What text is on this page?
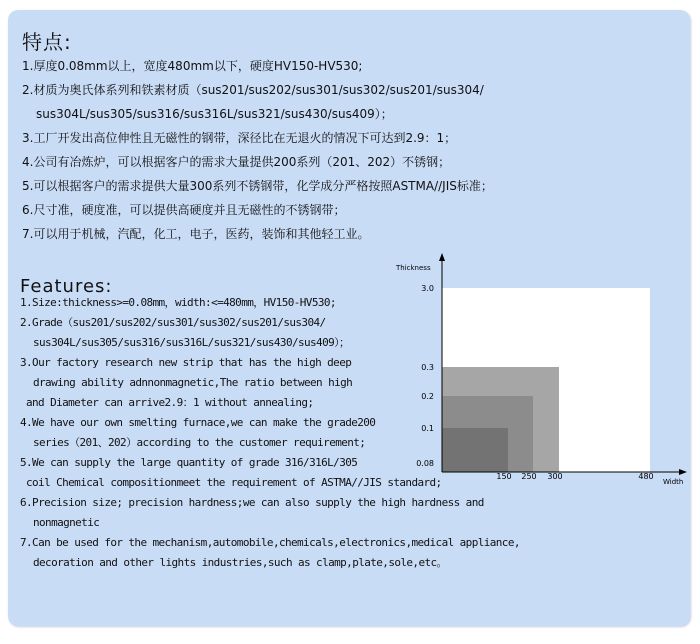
特点:
1.厚度0.08mm以上，宽度480mm以下，硬度HV150-HV530;
2.材质为奥氏体系列和铁素材质（sus201/sus202/sus301/sus302/sus201/sus304/
sus304L/sus305/sus316/sus316L/sus321/sus430/sus409）；
3.工厂开发出高位伸性且无磁性的钢带，深径比在无退火的情况下可达到2.9：1；
4.公司有冶炼炉，可以根据客户的需求大量提供200系列（201、202）不锈钢；
5.可以根据客户的需求提供大量300系列不锈钢带，化学成分严格按照ASTMA//JIS标准；
6.尺寸准，硬度准，可以提供高硬度并且无磁性的不锈钢带；
7.可以用于机械，汽配，化工，电子，医药，装饰和其他轻工业。
Features:
1.Size:thickness>=0.08mm，width:<=480mm，HV150-HV530;
2.Grade（sus201/sus202/sus301/sus302/sus201/sus304/
sus304L/sus305/sus316/sus316L/sus321/sus430/sus409）；
3.Our factory research new strip that has the high deep
drawing ability adnnonmagnetic,The ratio between high
and Diameter can arrive2.9：1 without annealing;
4.We have our own smelting furnace,we can make the grade200
series（201、202）according to the customer requirement;
5.We can supply the large quantity of grade 316/316L/305
coil Chemical compositionmeet the requirement of ASTMA//JIS standard;
6.Precision size; precision hardness;we can also supply the high hardness and
nonmagnetic
7.Can be used for the mechanism,automobile,chemicals,electronics,medical appliance,
decoration and other lights industries,such as clamp,plate,sole,etc。
Thickness
Width
0.08
0.1
0.2
0.3
3.0
150 250 300	480
